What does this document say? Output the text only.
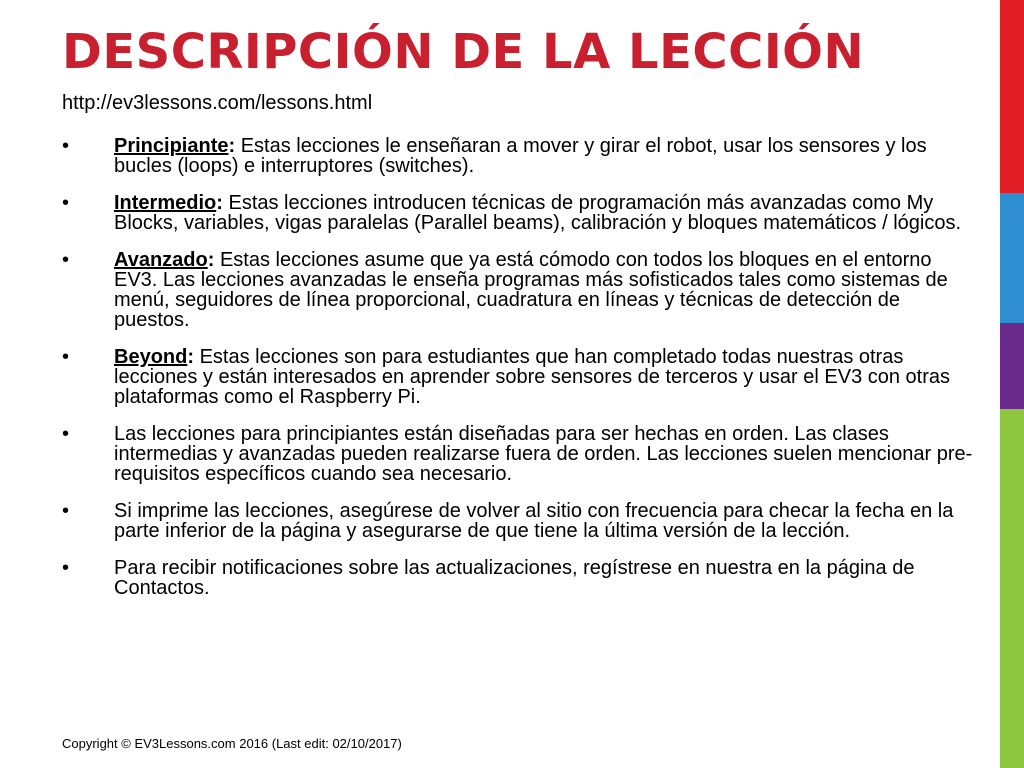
DESCRIPCIÓN DE LA LECCIÓN
http://ev3lessons.com/lessons.html
• Principiante: Estas lecciones le enseñaran a mover y girar el robot, usar los sensores y los bucles (loops) e interruptores (switches).
• Intermedio: Estas lecciones introducen técnicas de programación más avanzadas como My Blocks, variables, vigas paralelas (Parallel beams), calibración y bloques matemáticos / lógicos.
• Avanzado: Estas lecciones asume que ya está cómodo con todos los bloques en el entorno EV3. Las lecciones avanzadas le enseña programas más sofisticados tales como sistemas de menú, seguidores de línea proporcional, cuadratura en líneas y técnicas de detección de puestos.
• Beyond: Estas lecciones son para estudiantes que han completado todas nuestras otras lecciones y están interesados en aprender sobre sensores de terceros y usar el EV3 con otras plataformas como el Raspberry Pi.
• Las lecciones para principiantes están diseñadas para ser hechas en orden. Las clases intermedias y avanzadas pueden realizarse fuera de orden. Las lecciones suelen mencionar pre-requisitos específicos cuando sea necesario.
• Si imprime las lecciones, asegúrese de volver al sitio con frecuencia para checar la fecha en la parte inferior de la página y asegurarse de que tiene la última versión de la lección.
• Para recibir notificaciones sobre las actualizaciones, regístrese en nuestra en la página de Contactos.
Copyright © EV3Lessons.com 2016 (Last edit: 02/10/2017)
